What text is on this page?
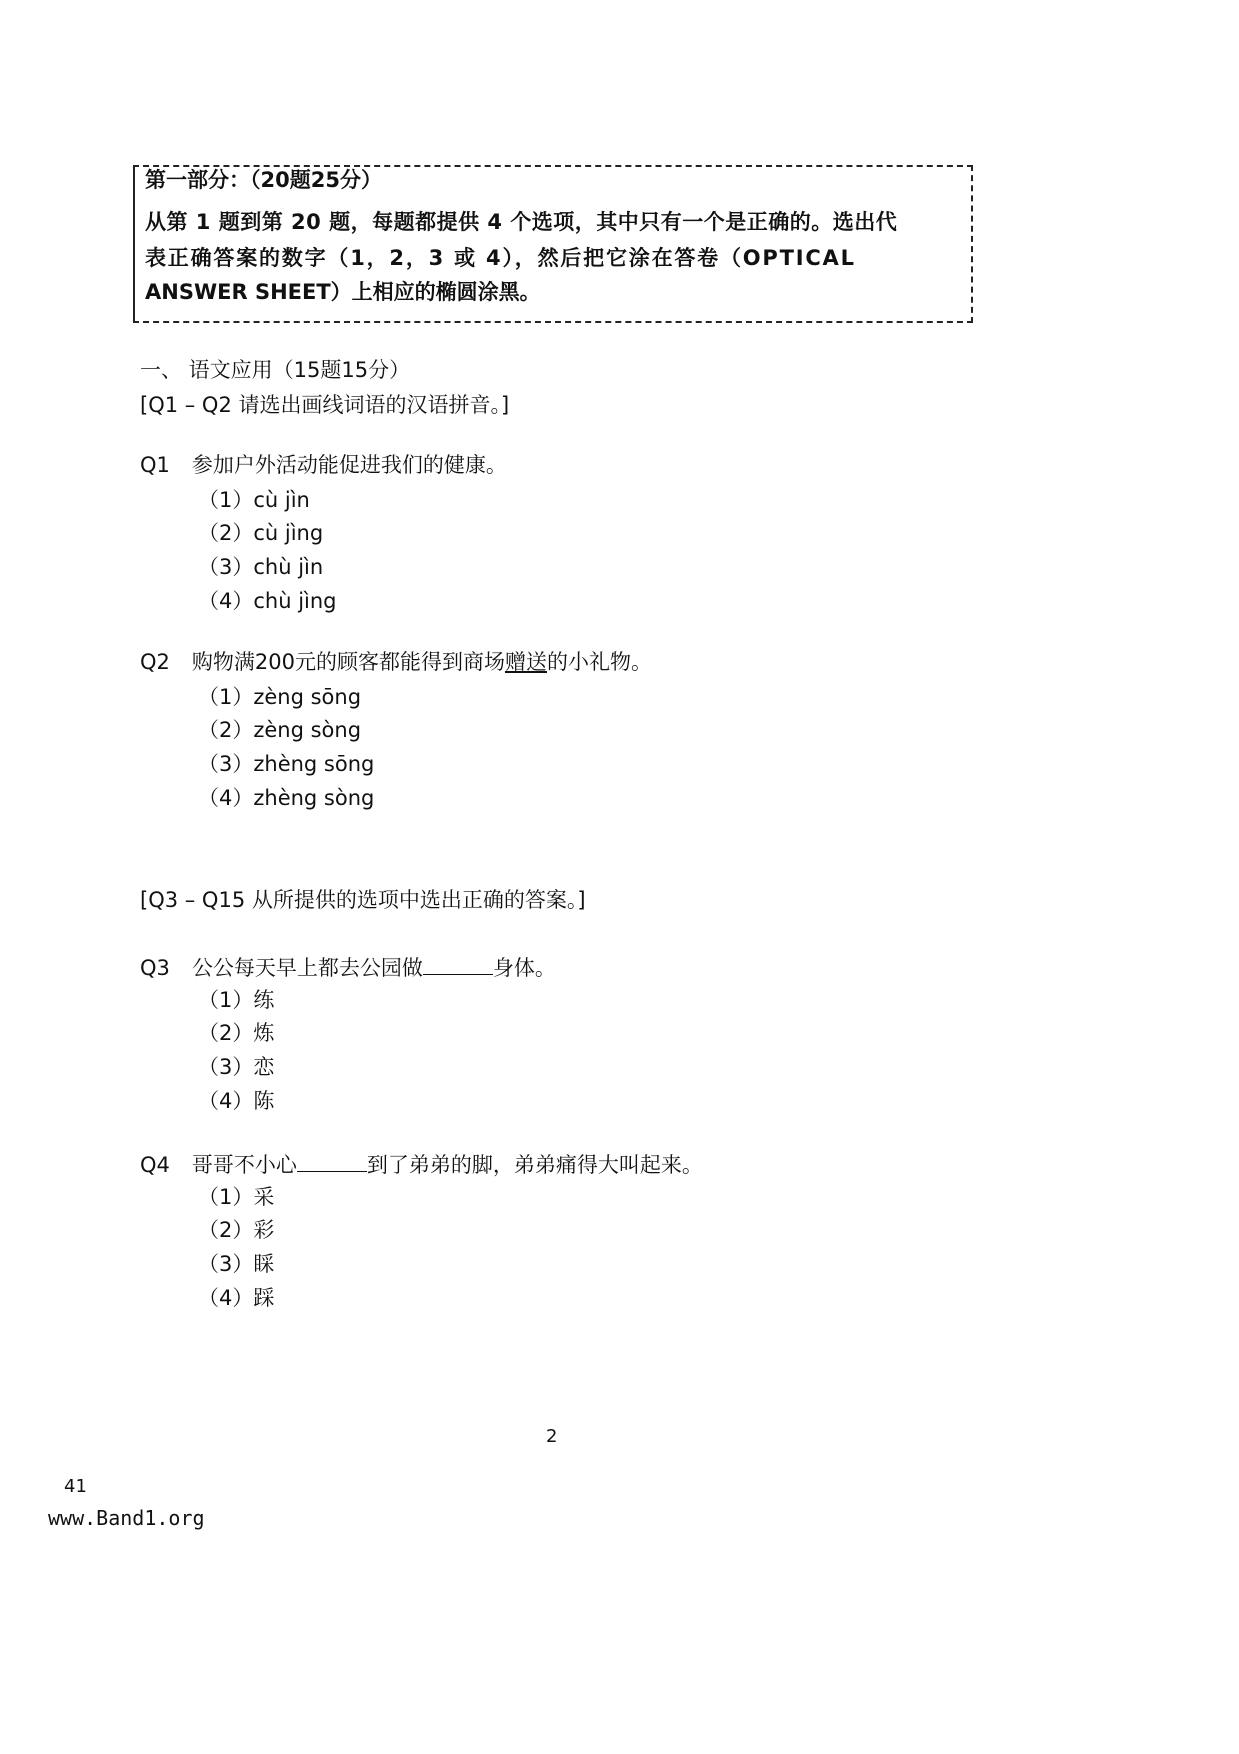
第一部分：（20题25分）
从第 1 题到第 20 题，每题都提供 4 个选项，其中只有一个是正确的。选出代
表正确答案的数字（1，2，3 或 4），然后把它涂在答卷（OPTICAL
ANSWER SHEET）上相应的椭圆涂黑。
一、 语文应用（15题15分）
[Q1 – Q2 请选出画线词语的汉语拼音。]
Q1 参加户外活动能促进我们的健康。
（1）cù jìn
（2）cù jìng
（3）chù jìn
（4）chù jìng
Q2 购物满200元的顾客都能得到商场赠送的小礼物。
（1）zèng sōng
（2）zèng sòng
（3）zhèng sōng
（4）zhèng sòng
[Q3 – Q15 从所提供的选项中选出正确的答案。]
Q3 公公每天早上都去公园做	身体。
（1）练
（2）炼
（3）恋
（4）陈
Q4 哥哥不小心	到了弟弟的脚，弟弟痛得大叫起来。
（1）采
（2）彩
（3）睬
（4）踩
2
41
www.Band1.org
